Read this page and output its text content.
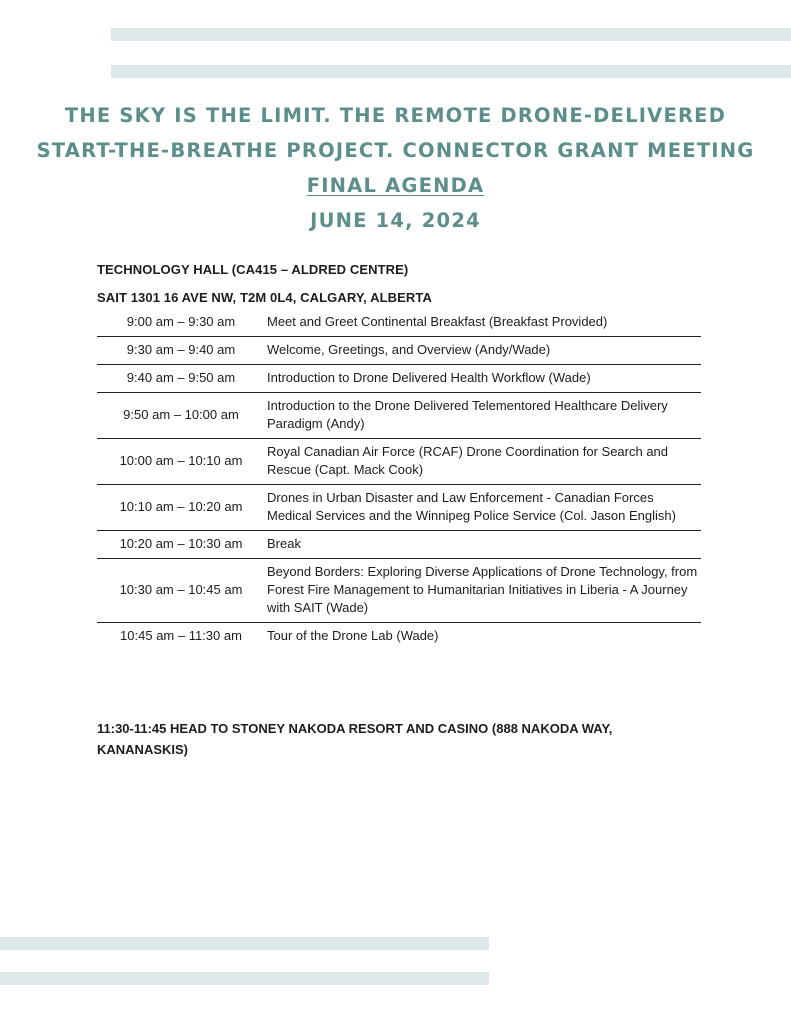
THE SKY IS THE LIMIT. THE REMOTE DRONE-DELIVERED
START-THE-BREATHE PROJECT. CONNECTOR GRANT MEETING
FINAL AGENDA
JUNE 14, 2024
TECHNOLOGY HALL (CA415 – ALDRED CENTRE)
SAIT 1301 16 AVE NW, T2M 0L4, CALGARY, ALBERTA
9:00 am – 9:30 am	Meet and Greet Continental Breakfast (Breakfast Provided)
9:30 am – 9:40 am	Welcome, Greetings, and Overview (Andy/Wade)
9:40 am – 9:50 am	Introduction to Drone Delivered Health Workflow (Wade)
9:50 am – 10:00 am	Introduction to the Drone Delivered Telementored Healthcare Delivery Paradigm (Andy)
10:00 am – 10:10 am	Royal Canadian Air Force (RCAF) Drone Coordination for Search and Rescue (Capt. Mack Cook)
10:10 am – 10:20 am	Drones in Urban Disaster and Law Enforcement - Canadian Forces Medical Services and the Winnipeg Police Service (Col. Jason English)
10:20 am – 10:30 am	Break
10:30 am – 10:45 am	Beyond Borders: Exploring Diverse Applications of Drone Technology, from Forest Fire Management to Humanitarian Initiatives in Liberia - A Journey with SAIT (Wade)
10:45 am – 11:30 am	Tour of the Drone Lab (Wade)
11:30-11:45 HEAD TO STONEY NAKODA RESORT AND CASINO (888 NAKODA WAY, KANANASKIS)
